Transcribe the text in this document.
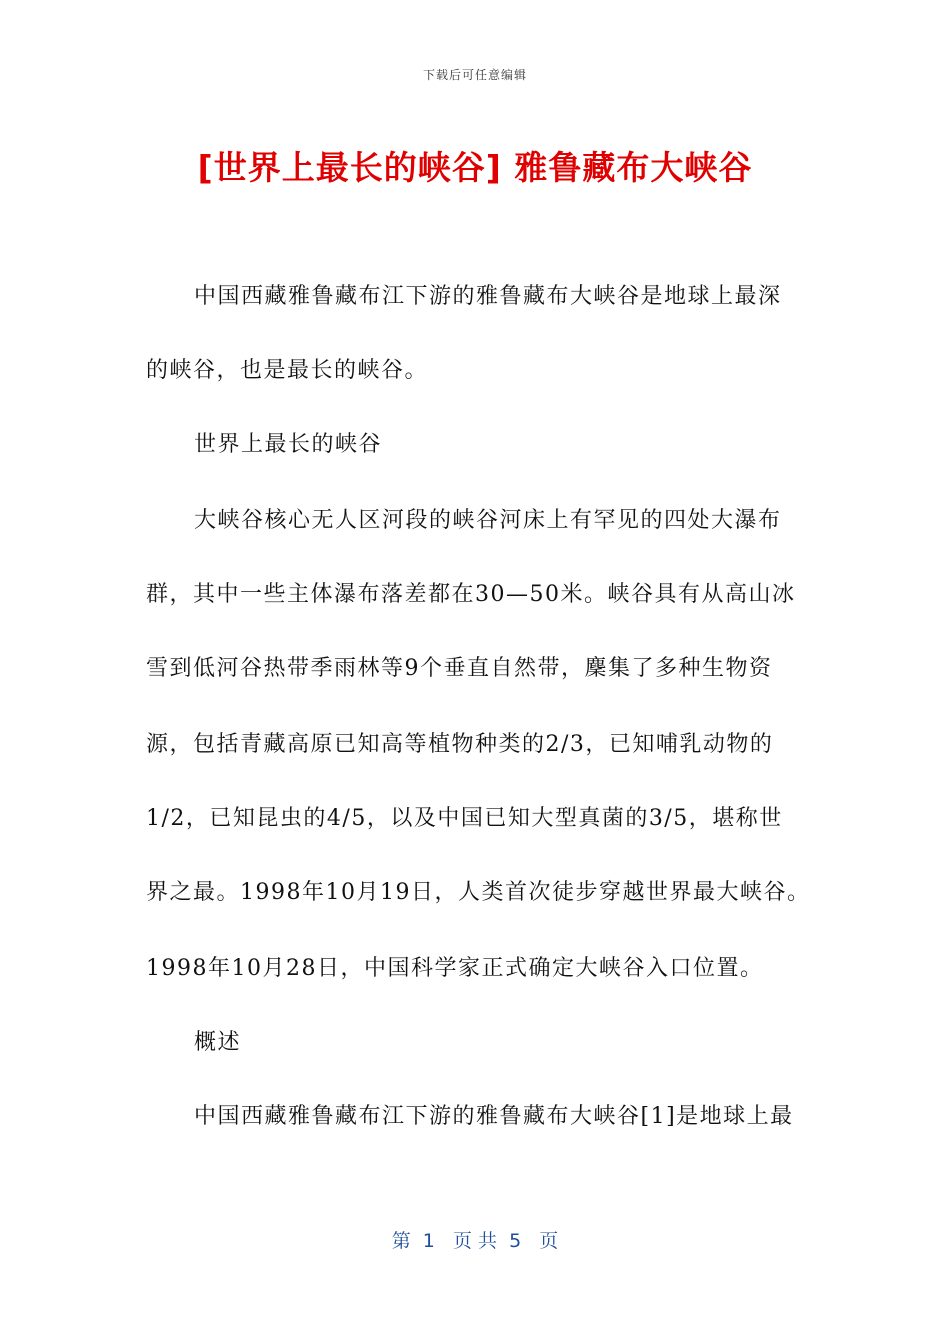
下载后可任意编辑
[世界上最长的峡谷] 雅鲁藏布大峡谷

中国西藏雅鲁藏布江下游的雅鲁藏布大峡谷是地球上最深

的峡谷，也是最长的峡谷。

世界上最长的峡谷

大峡谷核心无人区河段的峡谷河床上有罕见的四处大瀑布

群，其中一些主体瀑布落差都在30—50米。峡谷具有从高山冰

雪到低河谷热带季雨林等9个垂直自然带，麇集了多种生物资

源，包括青藏高原已知高等植物种类的2/3，已知哺乳动物的

1/2，已知昆虫的4/5，以及中国已知大型真菌的3/5，堪称世

界之最。1998年10月19日，人类首次徒步穿越世界最大峡谷。

1998年10月28日，中国科学家正式确定大峡谷入口位置。

概述

中国西藏雅鲁藏布江下游的雅鲁藏布大峡谷[1]是地球上最

第  1   页 共  5   页
